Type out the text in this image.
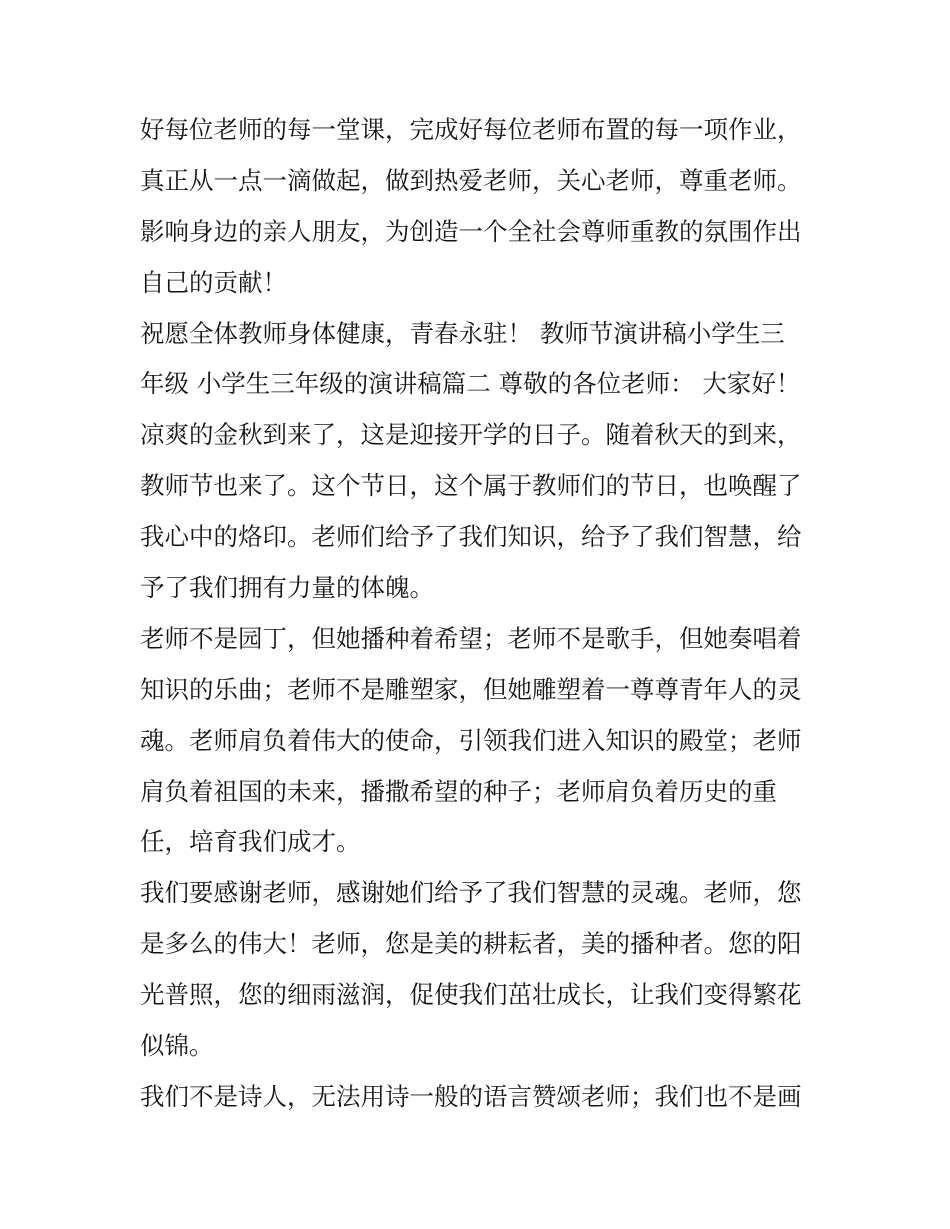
好每位老师的每一堂课，完成好每位老师布置的每一项作业，
真正从一点一滴做起，做到热爱老师，关心老师，尊重老师。
影响身边的亲人朋友，为创造一个全社会尊师重教的氛围作出
自己的贡献！
祝愿全体教师身体健康，青春永驻！ 教师节演讲稿小学生三
年级 小学生三年级的演讲稿篇二 尊敬的各位老师： 大家好！
凉爽的金秋到来了，这是迎接开学的日子。随着秋天的到来，
教师节也来了。这个节日，这个属于教师们的节日，也唤醒了
我心中的烙印。老师们给予了我们知识，给予了我们智慧，给
予了我们拥有力量的体魄。
老师不是园丁，但她播种着希望；老师不是歌手，但她奏唱着
知识的乐曲；老师不是雕塑家，但她雕塑着一尊尊青年人的灵
魂。老师肩负着伟大的使命，引领我们进入知识的殿堂；老师
肩负着祖国的未来，播撒希望的种子；老师肩负着历史的重
任，培育我们成才。
我们要感谢老师，感谢她们给予了我们智慧的灵魂。老师，您
是多么的伟大！老师，您是美的耕耘者，美的播种者。您的阳
光普照，您的细雨滋润，促使我们茁壮成长，让我们变得繁花
似锦。
我们不是诗人，无法用诗一般的语言赞颂老师；我们也不是画
